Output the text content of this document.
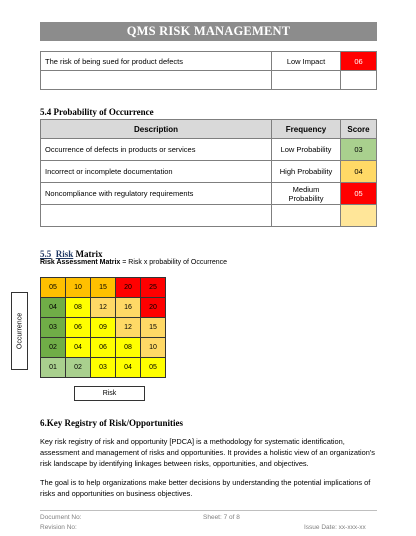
QMS RISK MANAGEMENT
The risk of being sued for product defects	Low Impact	06

5.4 Probability of Occurrence
Description	Frequency	Score
Occurrence of defects in products or services	Low Probability	03
Incorrect or incomplete documentation	High Probability	04
Noncompliance with regulatory requirements	Medium Probability	05

5.5 Risk Matrix
Risk Assessment Matrix = Risk x probability of Occurrence
05	10	15	20	25
04	08	12	16	20
03	06	09	12	15
02	04	06	08	10
01	02	03	04	05
Occurrence
Risk
6.Key Registry of Risk/Opportunities
Key risk registry of risk and opportunity [PDCA] is a methodology for systematic identification, assessment and management of risks and opportunities. It provides a holistic view of an organization's risk landscape by identifying linkages between risks, opportunities, and objectives.
The goal is to help organizations make better decisions by understanding the potential implications of risks and opportunities on business objectives.
Document No:
Revision No:
Sheet: 7 of 8
Issue Date: xx-xxx-xx
